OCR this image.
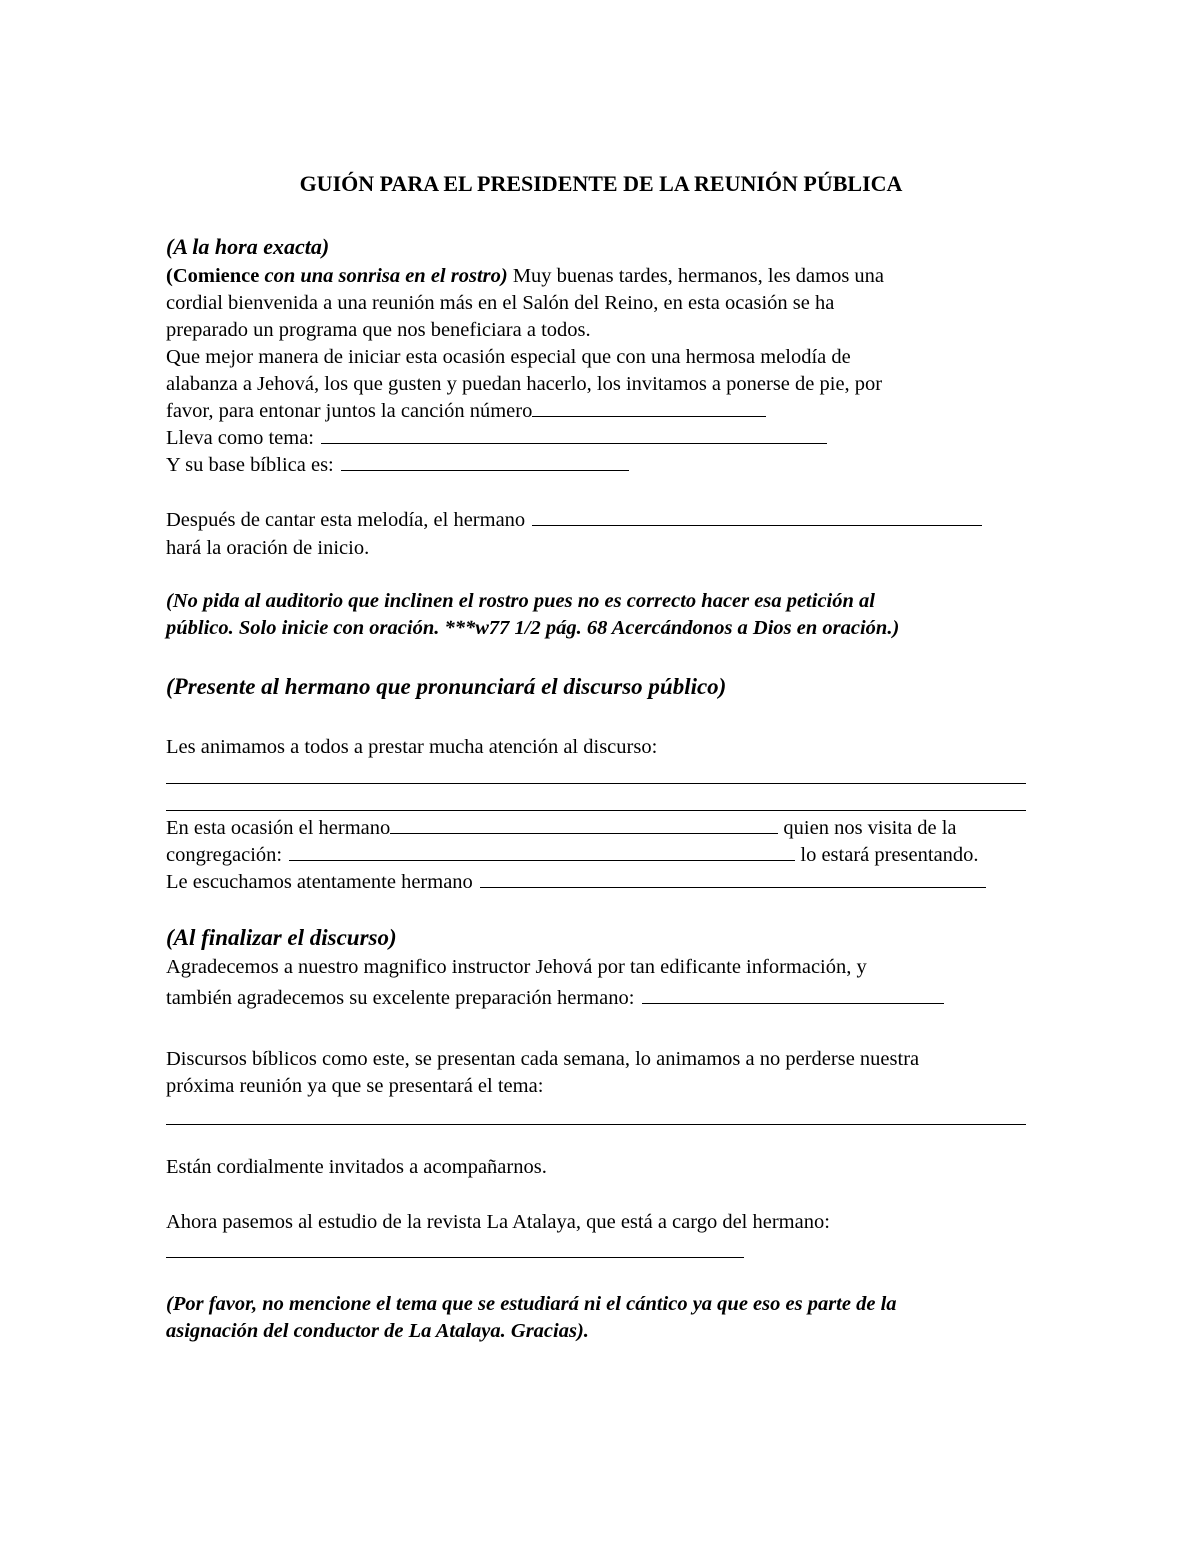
GUIÓN PARA EL PRESIDENTE DE LA REUNIÓN PÚBLICA
(A la hora exacta)
(Comience con una sonrisa en el rostro) Muy buenas tardes, hermanos, les damos una
cordial bienvenida a una reunión más en el Salón del Reino, en esta ocasión se ha
preparado un programa que nos beneficiara a todos.
Que mejor manera de iniciar esta ocasión especial que con una hermosa melodía de
alabanza a Jehová, los que gusten y puedan hacerlo, los invitamos a ponerse de pie, por
favor, para entonar juntos la canción número
Lleva como tema:
Y su base bíblica es:
Después de cantar esta melodía, el hermano
hará la oración de inicio.
(No pida al auditorio que inclinen el rostro pues no es correcto hacer esa petición al
público. Solo inicie con oración. ***w77 1/2 pág. 68 Acercándonos a Dios en oración.)
(Presente al hermano que pronunciará el discurso público)
Les animamos a todos a prestar mucha atención al discurso:
En esta ocasión el hermano	quien nos visita de la
congregación:	lo estará presentando.
Le escuchamos atentamente hermano
(Al finalizar el discurso)
Agradecemos a nuestro magnifico instructor Jehová por tan edificante información, y
también agradecemos su excelente preparación hermano:
Discursos bíblicos como este, se presentan cada semana, lo animamos a no perderse nuestra
próxima reunión ya que se presentará el tema:
Están cordialmente invitados a acompañarnos.
Ahora pasemos al estudio de la revista La Atalaya, que está a cargo del hermano:
(Por favor, no mencione el tema que se estudiará ni el cántico ya que eso es parte de la
asignación del conductor de La Atalaya. Gracias).
